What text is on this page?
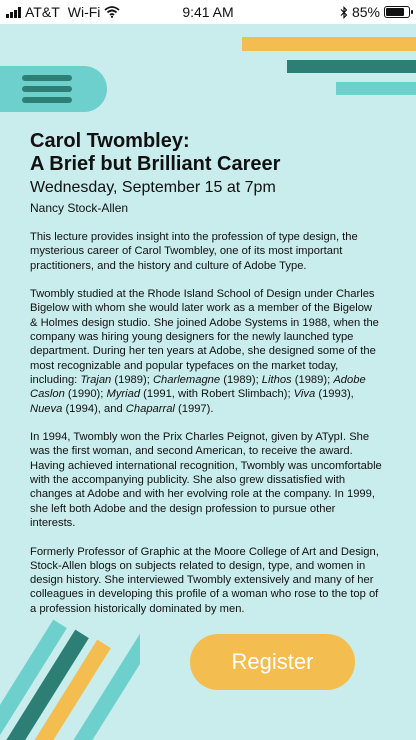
AT&T Wi-Fi	9:41 AM	85%
Carol Twombley:
A Brief but Brilliant Career
Wednesday, September 15 at 7pm
Nancy Stock-Allen

This lecture provides insight into the profession of type design, the mysterious career of Carol Twombley, one of its most important practitioners, and the history and culture of Adobe Type.

Twombly studied at the Rhode Island School of Design under Charles Bigelow with whom she would later work as a member of the Bigelow & Holmes design studio. She joined Adobe Systems in 1988, when the company was hiring young designers for the newly launched type department. During her ten years at Adobe, she designed some of the most recognizable and popular typefaces on the market today, including: Trajan (1989); Charlemagne (1989); Lithos (1989); Adobe Caslon (1990); Myriad (1991, with Robert Slimbach); Viva (1993), Nueva (1994), and Chaparral (1997).

In 1994, Twombly won the Prix Charles Peignot, given by ATypI. She was the first woman, and second American, to receive the award. Having achieved international recognition, Twombly was uncomfortable with the accompanying publicity. She also grew dissatisfied with changes at Adobe and with her evolving role at the company. In 1999, she left both Adobe and the design profession to pursue other interests.

Formerly Professor of Graphic at the Moore College of Art and Design, Stock-Allen blogs on subjects related to design, type, and women in design history. She interviewed Twombly extensively and many of her colleagues in developing this profile of a woman who rose to the top of a profession historically dominated by men.

Register
